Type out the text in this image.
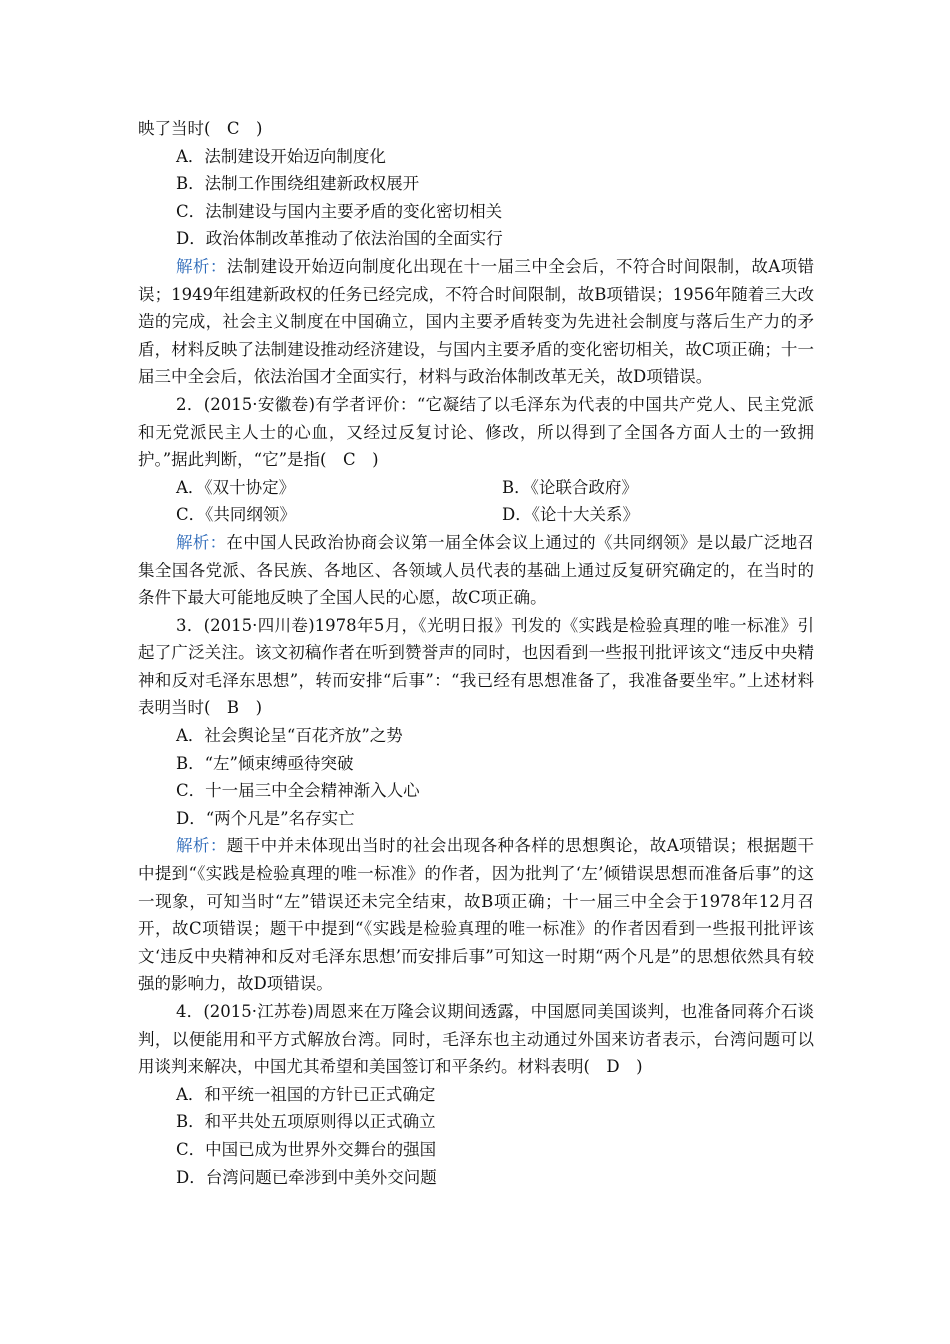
映了当时(　C　)
A．法制建设开始迈向制度化
B．法制工作围绕组建新政权展开
C．法制建设与国内主要矛盾的变化密切相关
D．政治体制改革推动了依法治国的全面实行
解析：法制建设开始迈向制度化出现在十一届三中全会后，不符合时间限制，故A项错误；1949年组建新政权的任务已经完成，不符合时间限制，故B项错误；1956年随着三大改造的完成，社会主义制度在中国确立，国内主要矛盾转变为先进社会制度与落后生产力的矛盾，材料反映了法制建设推动经济建设，与国内主要矛盾的变化密切相关，故C项正确；十一届三中全会后，依法治国才全面实行，材料与政治体制改革无关，故D项错误。
2．(2015·安徽卷)有学者评价：“它凝结了以毛泽东为代表的中国共产党人、民主党派和无党派民主人士的心血，又经过反复讨论、修改，所以得到了全国各方面人士的一致拥护。”据此判断，“它”是指(　C　)
A．《双十协定》	B．《论联合政府》
C．《共同纲领》	D．《论十大关系》
解析：在中国人民政治协商会议第一届全体会议上通过的《共同纲领》是以最广泛地召集全国各党派、各民族、各地区、各领域人员代表的基础上通过反复研究确定的，在当时的条件下最大可能地反映了全国人民的心愿，故C项正确。
3．(2015·四川卷)1978年5月，《光明日报》刊发的《实践是检验真理的唯一标准》引起了广泛关注。该文初稿作者在听到赞誉声的同时，也因看到一些报刊批评该文“违反中央精神和反对毛泽东思想”，转而安排“后事”：“我已经有思想准备了，我准备要坐牢。”上述材料表明当时(　B　)
A．社会舆论呈“百花齐放”之势
B．“左”倾束缚亟待突破
C．十一届三中全会精神渐入人心
D．“两个凡是”名存实亡
解析：题干中并未体现出当时的社会出现各种各样的思想舆论，故A项错误；根据题干中提到“《实践是检验真理的唯一标准》的作者，因为批判了‘左’倾错误思想而准备后事”的这一现象，可知当时“左”错误还未完全结束，故B项正确；十一届三中全会于1978年12月召开，故C项错误；题干中提到“《实践是检验真理的唯一标准》的作者因看到一些报刊批评该文‘违反中央精神和反对毛泽东思想’而安排后事”可知这一时期“两个凡是”的思想依然具有较强的影响力，故D项错误。
4．(2015·江苏卷)周恩来在万隆会议期间透露，中国愿同美国谈判，也准备同蒋介石谈判，以便能用和平方式解放台湾。同时，毛泽东也主动通过外国来访者表示，台湾问题可以用谈判来解决，中国尤其希望和美国签订和平条约。材料表明(　D　)
A．和平统一祖国的方针已正式确定
B．和平共处五项原则得以正式确立
C．中国已成为世界外交舞台的强国
D．台湾问题已牵涉到中美外交问题
